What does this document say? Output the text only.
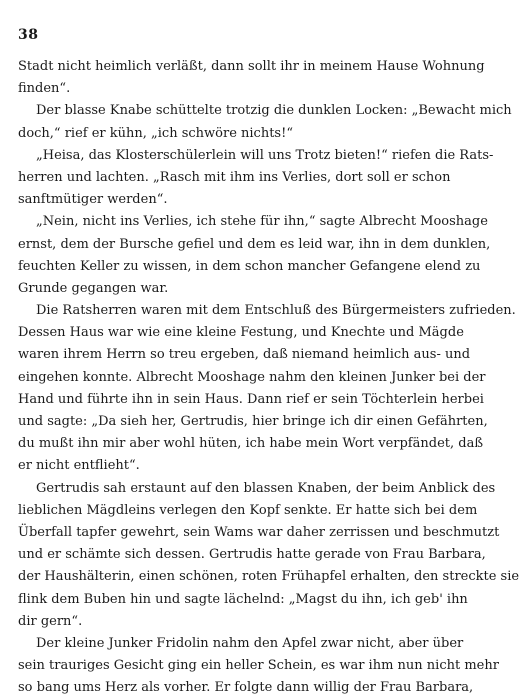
38
Stadt nicht heimlich verläßt, dann sollt ihr in meinem Hause Wohnung
finden“.
Der blasse Knabe schüttelte trotzig die dunklen Locken: „Bewacht mich
doch,“ rief er kühn, „ich schwöre nichts!“
„Heisa, das Klosterschülerlein will uns Trotz bieten!“ riefen die Rats-
herren und lachten. „Rasch mit ihm ins Verlies, dort soll er schon
sanftmütiger werden“.
„Nein, nicht ins Verlies, ich stehe für ihn,“ sagte Albrecht Mooshage
ernst, dem der Bursche gefiel und dem es leid war, ihn in dem dunklen,
feuchten Keller zu wissen, in dem schon mancher Gefangene elend zu
Grunde gegangen war.
Die Ratsherren waren mit dem Entschluß des Bürgermeisters zufrieden.
Dessen Haus war wie eine kleine Festung, und Knechte und Mägde
waren ihrem Herrn so treu ergeben, daß niemand heimlich aus- und
eingehen konnte. Albrecht Mooshage nahm den kleinen Junker bei der
Hand und führte ihn in sein Haus. Dann rief er sein Töchterlein herbei
und sagte: „Da sieh her, Gertrudis, hier bringe ich dir einen Gefährten,
du mußt ihn mir aber wohl hüten, ich habe mein Wort verpfändet, daß
er nicht entflieht“.
Gertrudis sah erstaunt auf den blassen Knaben, der beim Anblick des
lieblichen Mägdleins verlegen den Kopf senkte. Er hatte sich bei dem
Überfall tapfer gewehrt, sein Wams war daher zerrissen und beschmutzt
und er schämte sich dessen. Gertrudis hatte gerade von Frau Barbara,
der Haushälterin, einen schönen, roten Frühapfel erhalten, den streckte sie
flink dem Buben hin und sagte lächelnd: „Magst du ihn, ich geb' ihn
dir gern“.
Der kleine Junker Fridolin nahm den Apfel zwar nicht, aber über
sein trauriges Gesicht ging ein heller Schein, es war ihm nun nicht mehr
so bang ums Herz als vorher. Er folgte dann willig der Frau Barbara,
